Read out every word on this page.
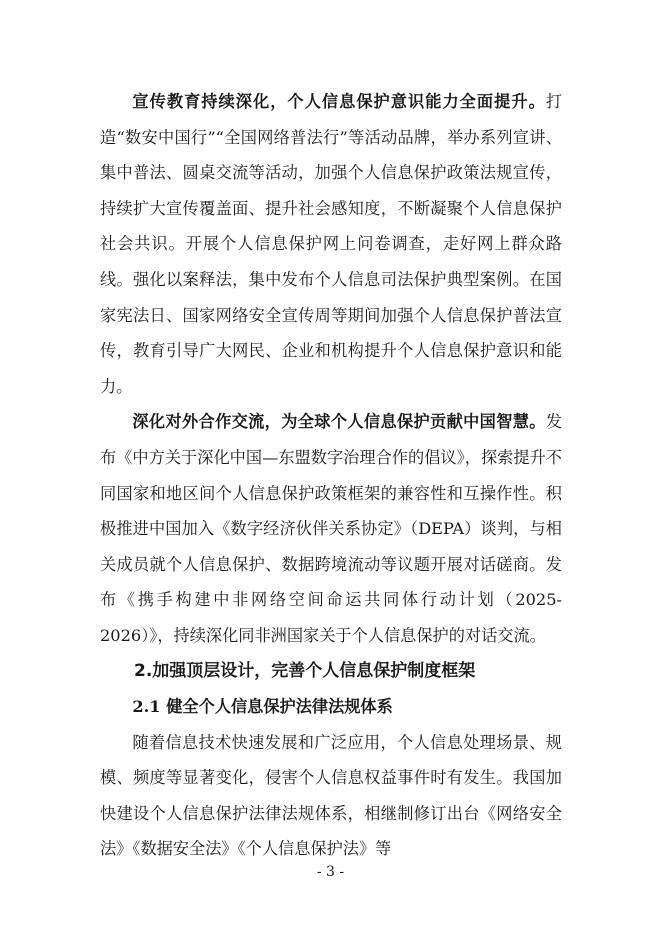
宣传教育持续深化，个人信息保护意识能力全面提升。打造“数安中国行”“全国网络普法行”等活动品牌，举办系列宣讲、集中普法、圆桌交流等活动，加强个人信息保护政策法规宣传，持续扩大宣传覆盖面、提升社会感知度，不断凝聚个人信息保护社会共识。开展个人信息保护网上问卷调查，走好网上群众路线。强化以案释法，集中发布个人信息司法保护典型案例。在国家宪法日、国家网络安全宣传周等期间加强个人信息保护普法宣传，教育引导广大网民、企业和机构提升个人信息保护意识和能力。

深化对外合作交流，为全球个人信息保护贡献中国智慧。发布《中方关于深化中国—东盟数字治理合作的倡议》，探索提升不同国家和地区间个人信息保护政策框架的兼容性和互操作性。积极推进中国加入《数字经济伙伴关系协定》（DEPA）谈判，与相关成员就个人信息保护、数据跨境流动等议题开展对话磋商。发布《携手构建中非网络空间命运共同体行动计划（2025-2026）》，持续深化同非洲国家关于个人信息保护的对话交流。

2.加强顶层设计，完善个人信息保护制度框架

2.1 健全个人信息保护法律法规体系

随着信息技术快速发展和广泛应用，个人信息处理场景、规模、频度等显著变化，侵害个人信息权益事件时有发生。我国加快建设个人信息保护法律法规体系，相继制修订出台《网络安全法》《数据安全法》《个人信息保护法》等

- 3 -
